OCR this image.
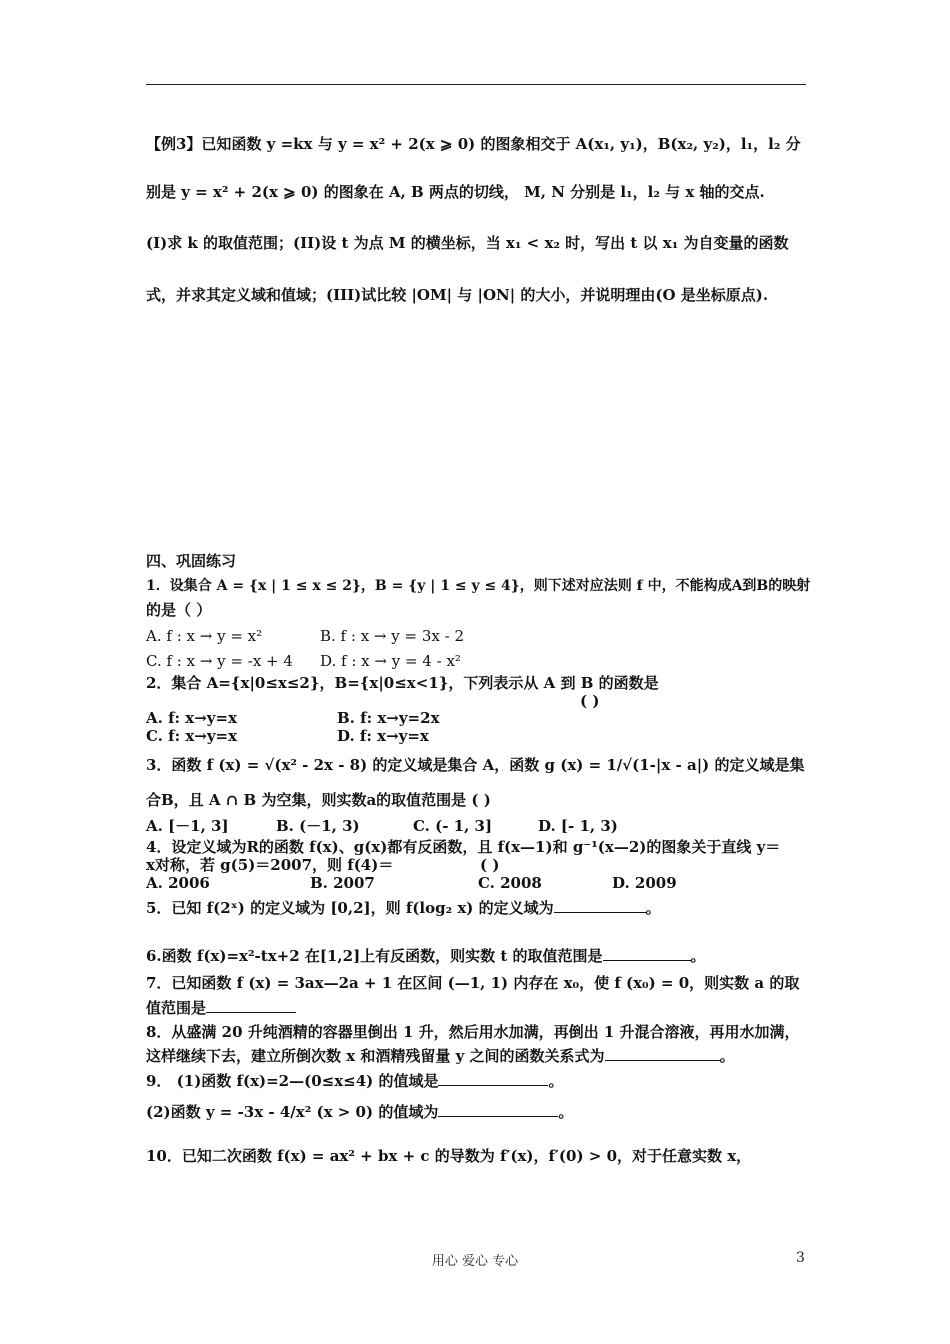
【例3】已知函数 y =kx 与 y = x² + 2(x ⩾ 0) 的图象相交于 A(x₁, y₁)，B(x₂, y₂)，l₁，l₂ 分
别是 y = x² + 2(x ⩾ 0) 的图象在 A, B 两点的切线， M, N 分别是 l₁，l₂ 与 x 轴的交点.
(I)求 k 的取值范围；(II)设 t 为点 M 的横坐标，当 x₁ < x₂ 时，写出 t 以 x₁ 为自变量的函数
式，并求其定义域和值域；(III)试比较 |OM| 与 |ON| 的大小，并说明理由(O 是坐标原点).
四、巩固练习
1．设集合 A = {x | 1 ≤ x ≤ 2}，B = {y | 1 ≤ y ≤ 4}，则下述对应法则 f 中，不能构成A到B的映射
的是（ ）
A. f : x → y = x²	B. f : x → y = 3x - 2
C. f : x → y = -x + 4	D. f : x → y = 4 - x²
2．集合 A={x|0≤x≤2}，B={x|0≤x<1}，下列表示从 A 到 B 的函数是
( )
A. f: x→y=x	B. f: x→y=2x
C. f: x→y=x	D. f: x→y=x
3．函数 f (x) = √(x² - 2x - 8) 的定义域是集合 A，函数 g (x) = 1/√(1-|x - a|) 的定义域是集
合B，且 A ∩ B 为空集，则实数a的取值范围是 ( )
A. [－1, 3]	B. (－1, 3)	C. (- 1, 3]	D. [- 1, 3)
4．设定义域为R的函数 f(x)、g(x)都有反函数，且 f(x—1)和 g⁻¹(x—2)的图象关于直线 y＝
x对称，若 g(5)＝2007，则 f(4)＝	( )
A. 2006	B. 2007	C. 2008	D. 2009
5．已知 f(2ˣ) 的定义域为 [0,2]，则 f(log₂ x) 的定义域为	。
6.函数 f(x)=x²-tx+2 在[1,2]上有反函数，则实数 t 的取值范围是	。
7．已知函数 f (x) = 3ax—2a + 1 在区间 (—1, 1) 内存在 x₀，使 f (x₀) = 0，则实数 a 的取
值范围是
8．从盛满 20 升纯酒精的容器里倒出 1 升，然后用水加满，再倒出 1 升混合溶液，再用水加满，
这样继续下去，建立所倒次数 x 和酒精残留量 y 之间的函数关系式为	。
9． (1)函数 f(x)=2—(0≤x≤4) 的值域是	。
(2)函数 y = -3x - 4/x² (x > 0) 的值域为	。
10．已知二次函数 f(x) = ax² + bx + c 的导数为 f′(x)，f′(0) > 0，对于任意实数 x，
用心 爱心 专心	3
